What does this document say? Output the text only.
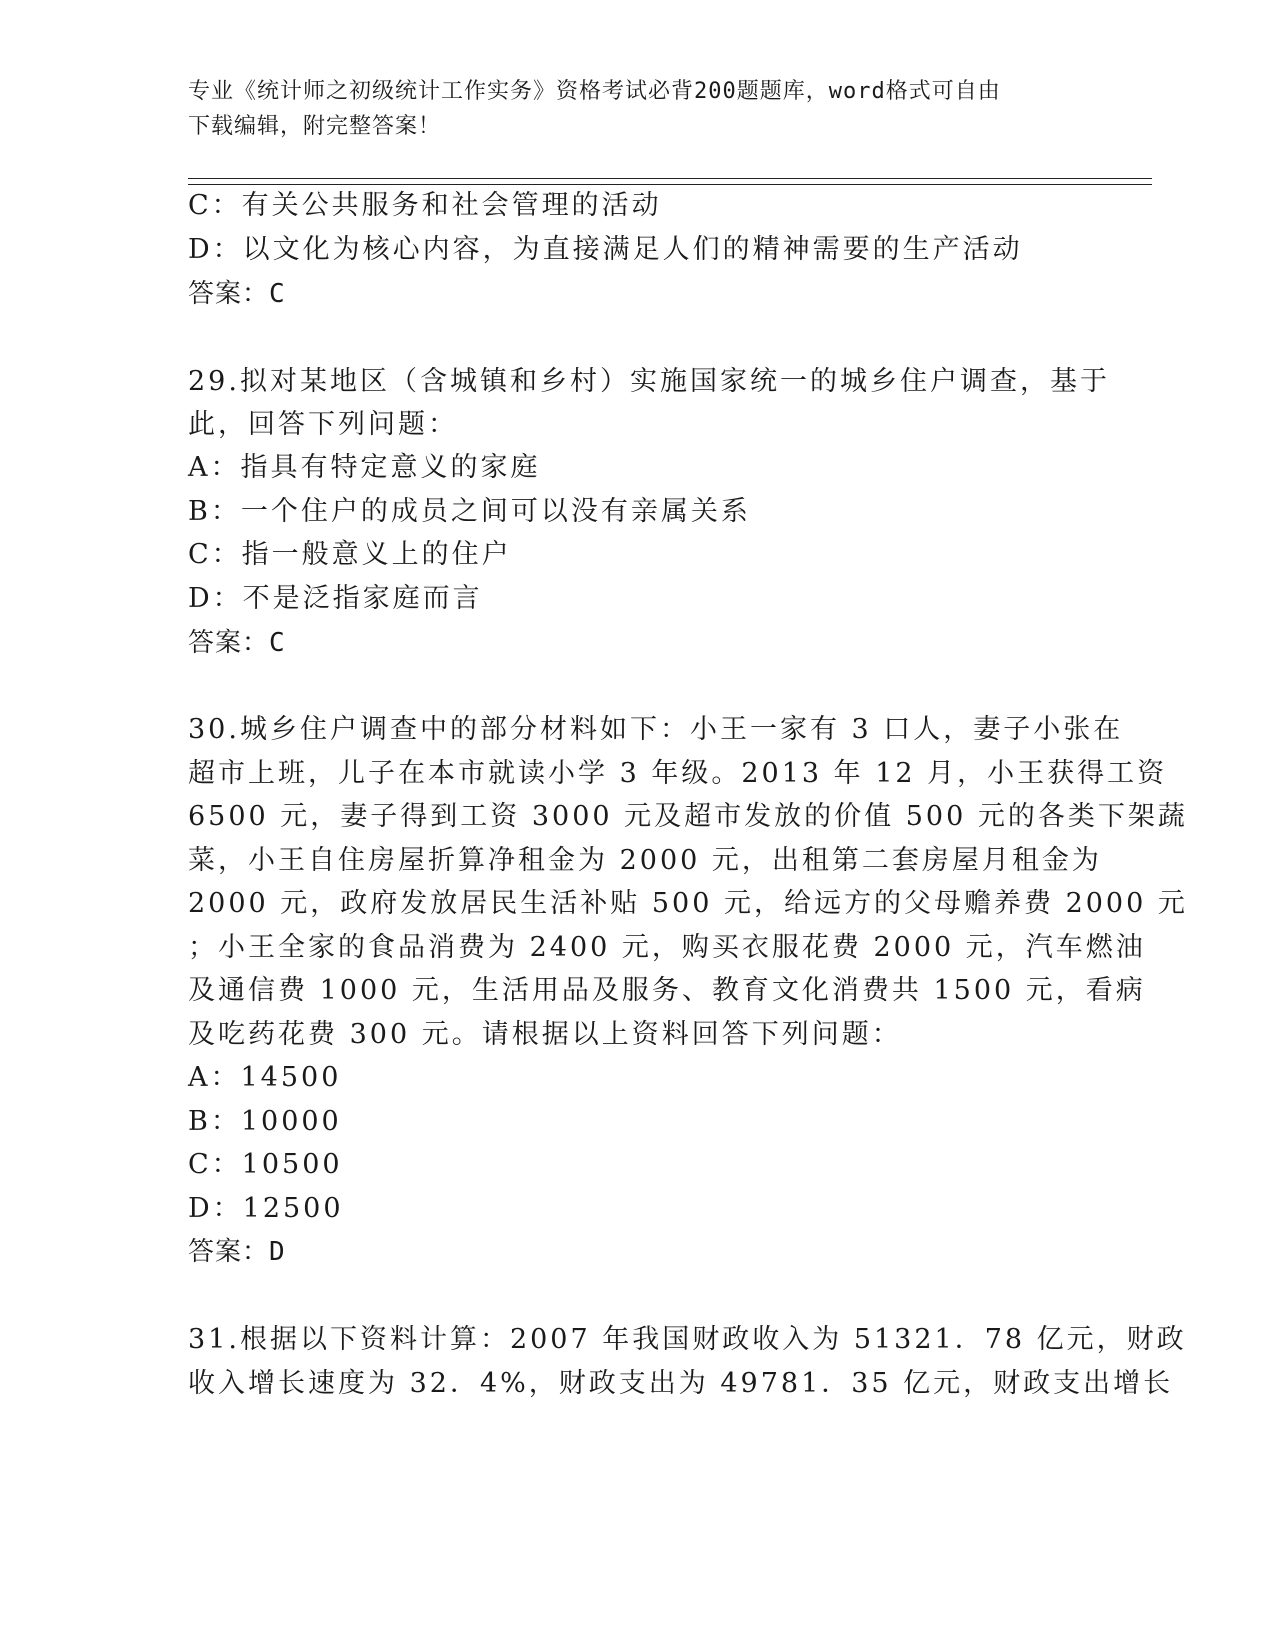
专业《统计师之初级统计工作实务》资格考试必背200题题库，word格式可自由
下载编辑，附完整答案！
C：有关公共服务和社会管理的活动
D：以文化为核心内容，为直接满足人们的精神需要的生产活动
答案：C
29.拟对某地区（含城镇和乡村）实施国家统一的城乡住户调查，基于
此，回答下列问题：
A：指具有特定意义的家庭
B：一个住户的成员之间可以没有亲属关系
C：指一般意义上的住户
D：不是泛指家庭而言
答案：C
30.城乡住户调查中的部分材料如下：小王一家有 3 口人，妻子小张在
超市上班，儿子在本市就读小学 3 年级。2013 年 12 月，小王获得工资
6500 元，妻子得到工资 3000 元及超市发放的价值 500 元的各类下架蔬
菜，小王自住房屋折算净租金为 2000 元，出租第二套房屋月租金为
2000 元，政府发放居民生活补贴 500 元，给远方的父母赡养费 2000 元
；小王全家的食品消费为 2400 元，购买衣服花费 2000 元，汽车燃油
及通信费 1000 元，生活用品及服务、教育文化消费共 1500 元，看病
及吃药花费 300 元。请根据以上资料回答下列问题：
A：14500
B：10000
C：10500
D：12500
答案：D
31.根据以下资料计算：2007 年我国财政收入为 51321．78 亿元，财政
收入增长速度为 32．4%，财政支出为 49781．35 亿元，财政支出增长
